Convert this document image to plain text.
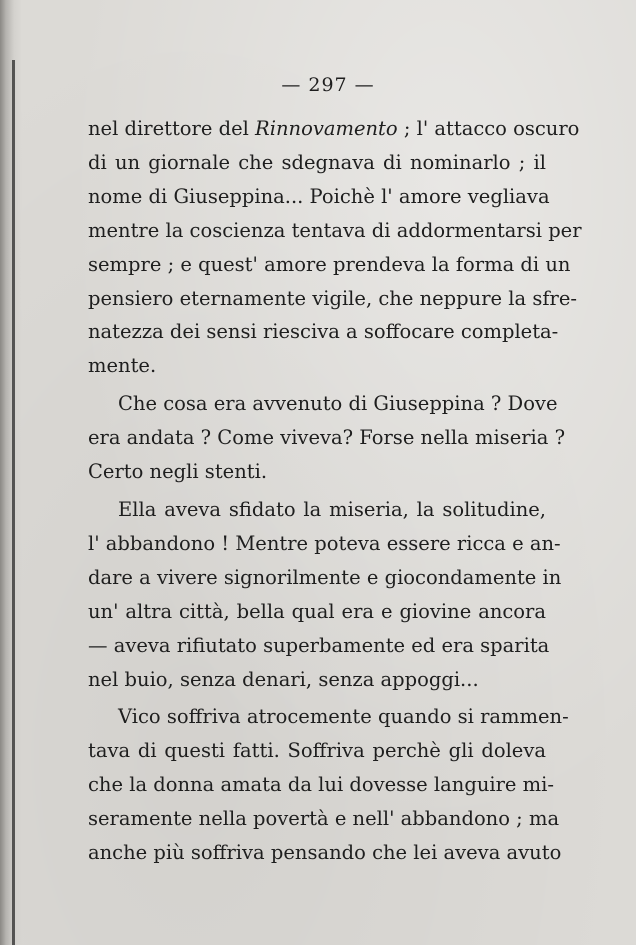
— 297 —
nel direttore del Rinnovamento ; l' attacco oscuro
di un giornale che sdegnava di nominarlo ; il
nome di Giuseppina... Poichè l' amore vegliava
mentre la coscienza tentava di addormentarsi per
sempre ; e quest' amore prendeva la forma di un
pensiero eternamente vigile, che neppure la sfre-
natezza dei sensi riesciva a soffocare completa-
mente.
Che cosa era avvenuto di Giuseppina ? Dove
era andata ? Come viveva? Forse nella miseria ?
Certo negli stenti.
Ella aveva sfidato la miseria, la solitudine,
l' abbandono ! Mentre poteva essere ricca e an-
dare a vivere signorilmente e giocondamente in
un' altra città, bella qual era e giovine ancora
— aveva rifiutato superbamente ed era sparita
nel buio, senza denari, senza appoggi...
Vico soffriva atrocemente quando si rammen-
tava di questi fatti. Soffriva perchè gli doleva
che la donna amata da lui dovesse languire mi-
seramente nella povertà e nell' abbandono ; ma
anche più soffriva pensando che lei aveva avuto
